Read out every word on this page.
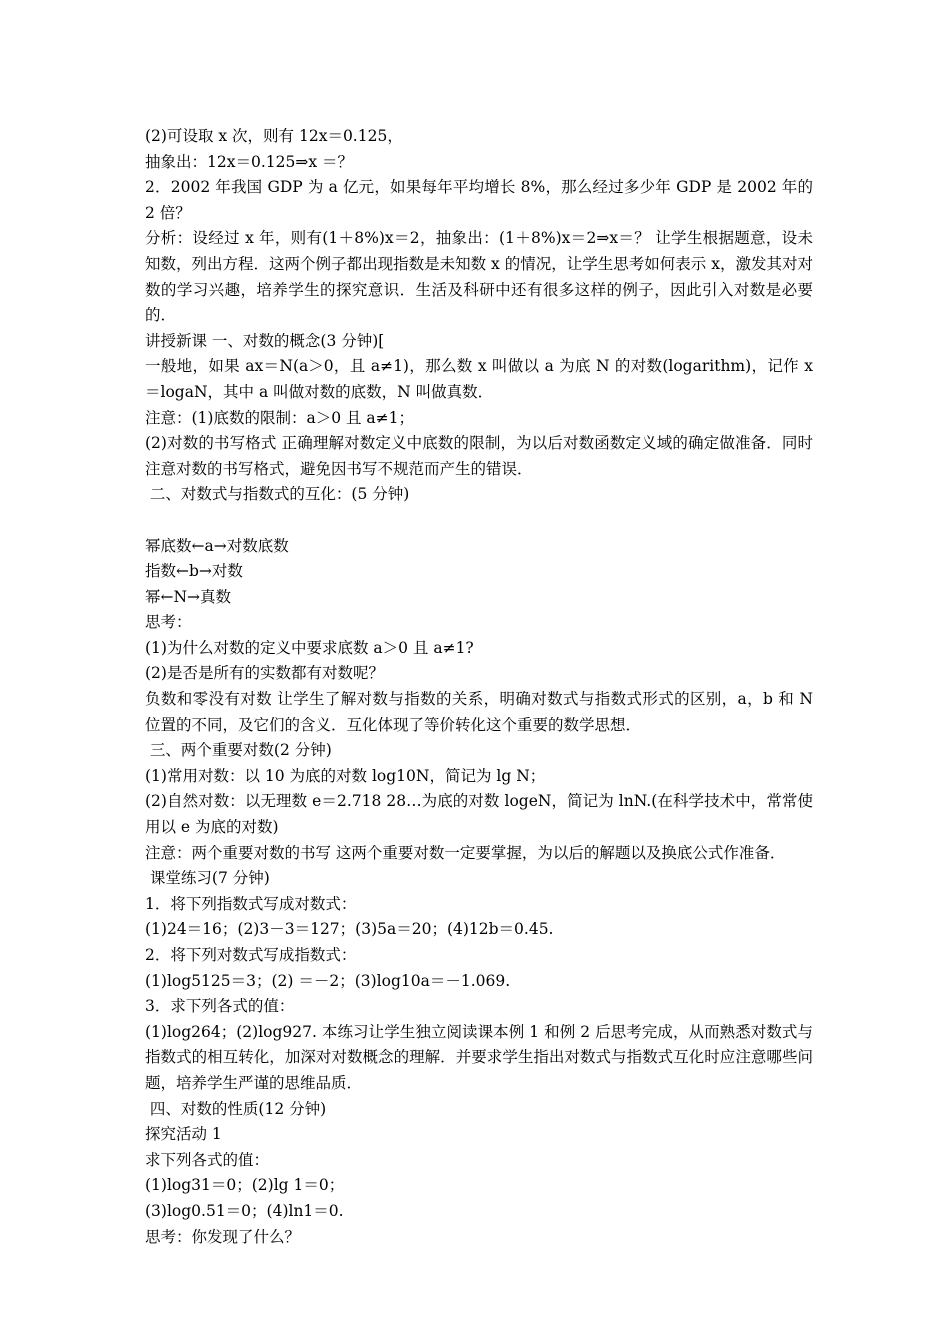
(2)可设取 x 次，则有 12x＝0.125，
抽象出：12x＝0.125⇒x ＝？
2．2002 年我国 GDP 为 a 亿元，如果每年平均增长 8%，那么经过多少年 GDP 是 2002 年的 2 倍？
分析：设经过 x 年，则有(1＋8%)x＝2，抽象出：(1＋8%)x＝2⇒x＝？ 让学生根据题意，设未知数，列出方程．这两个例子都出现指数是未知数 x 的情况，让学生思考如何表示 x，激发其对对数的学习兴趣，培养学生的探究意识．生活及科研中还有很多这样的例子，因此引入对数是必要的．
讲授新课 一、对数的概念(3 分钟)[
一般地，如果 ax＝N(a＞0，且 a≠1)，那么数 x 叫做以 a 为底 N 的对数(logarithm)，记作 x＝logaN，其中 a 叫做对数的底数，N 叫做真数．
注意：(1)底数的限制：a＞0 且 a≠1；
(2)对数的书写格式 正确理解对数定义中底数的限制，为以后对数函数定义域的确定做准备．同时注意对数的书写格式，避免因书写不规范而产生的错误．
二、对数式与指数式的互化：(5 分钟)
幂底数←a→对数底数
指数←b→对数
幂←N→真数
思考：
(1)为什么对数的定义中要求底数 a＞0 且 a≠1?
(2)是否是所有的实数都有对数呢？
负数和零没有对数 让学生了解对数与指数的关系，明确对数式与指数式形式的区别，a，b 和 N 位置的不同，及它们的含义．互化体现了等价转化这个重要的数学思想．
三、两个重要对数(2 分钟)
(1)常用对数：以 10 为底的对数 log10N，简记为 lg N；
(2)自然对数：以无理数 e＝2.718 28…为底的对数 logeN，简记为 lnN.(在科学技术中，常常使用以 e 为底的对数)
注意：两个重要对数的书写 这两个重要对数一定要掌握，为以后的解题以及换底公式作准备．
课堂练习(7 分钟)
1．将下列指数式写成对数式：
(1)24＝16；(2)3－3＝127；(3)5a＝20；(4)12b＝0.45.
2．将下列对数式写成指数式：
(1)log5125＝3；(2) ＝－2；(3)log10a＝－1.069.
3．求下列各式的值：
(1)log264；(2)log927. 本练习让学生独立阅读课本例 1 和例 2 后思考完成，从而熟悉对数式与指数式的相互转化，加深对对数概念的理解．并要求学生指出对数式与指数式互化时应注意哪些问题，培养学生严谨的思维品质．
四、对数的性质(12 分钟)
探究活动 1
求下列各式的值：
(1)log31＝0；(2)lg 1＝0；
(3)log0.51＝0；(4)ln1＝0.
思考：你发现了什么？
